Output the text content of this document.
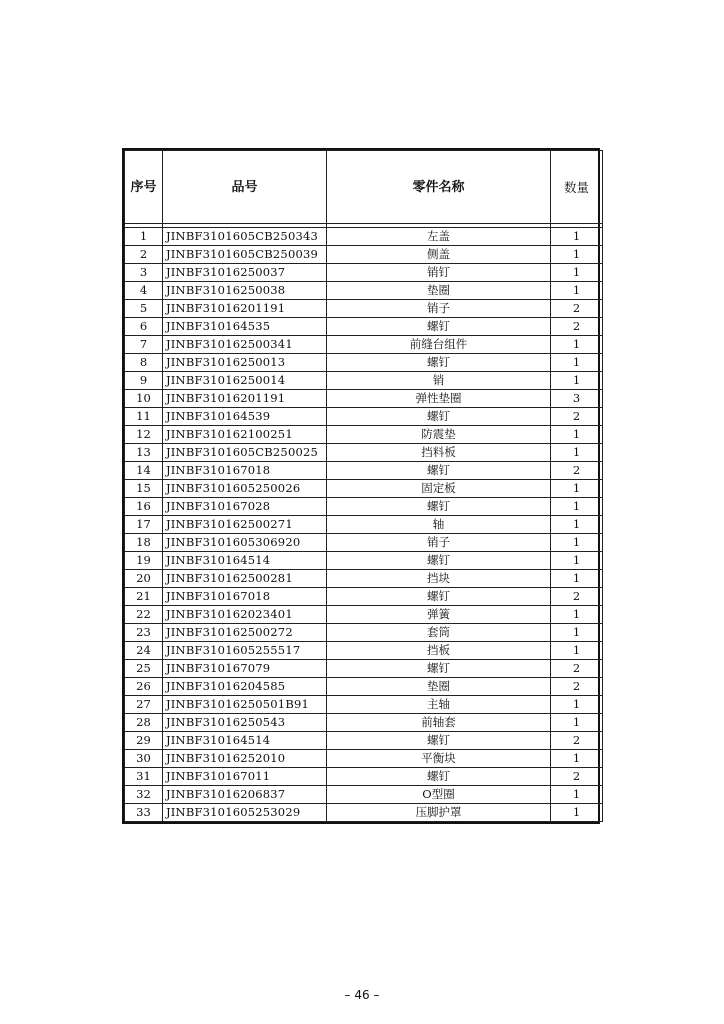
序号	品号	零件名称	数量

1	JINBF3101605CB250343	左盖	1
2	JINBF3101605CB250039	侧盖	1
3	JINBF31016250037	销钉	1
4	JINBF31016250038	垫圈	1
5	JINBF31016201191	销子	2
6	JINBF310164535	螺钉	2
7	JINBF310162500341	前缝台组件	1
8	JINBF31016250013	螺钉	1
9	JINBF31016250014	销	1
10	JINBF31016201191	弹性垫圈	3
11	JINBF310164539	螺钉	2
12	JINBF310162100251	防震垫	1
13	JINBF3101605CB250025	挡料板	1
14	JINBF310167018	螺钉	2
15	JINBF3101605250026	固定板	1
16	JINBF310167028	螺钉	1
17	JINBF310162500271	轴	1
18	JINBF3101605306920	销子	1
19	JINBF310164514	螺钉	1
20	JINBF310162500281	挡块	1
21	JINBF310167018	螺钉	2
22	JINBF310162023401	弹簧	1
23	JINBF310162500272	套筒	1
24	JINBF3101605255517	挡板	1
25	JINBF310167079	螺钉	2
26	JINBF31016204585	垫圈	2
27	JINBF31016250501B91	主轴	1
28	JINBF31016250543	前轴套	1
29	JINBF310164514	螺钉	2
30	JINBF31016252010	平衡块	1
31	JINBF310167011	螺钉	2
32	JINBF31016206837	O型圈	1
33	JINBF3101605253029	压脚护罩	1
– 46 –
